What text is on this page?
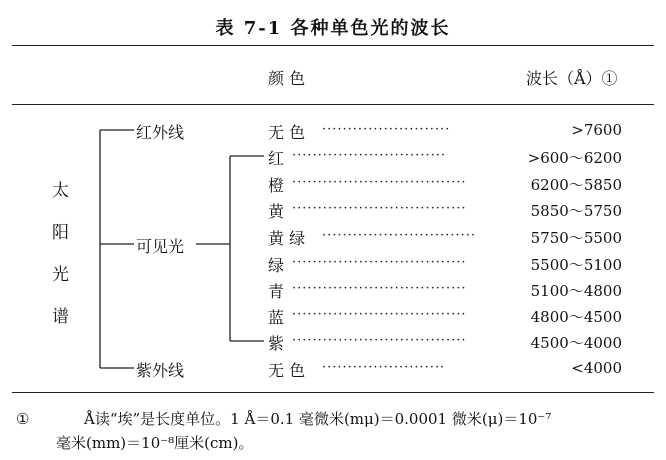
表 7-1 各种单色光的波长
颜 色	波长（Å）①
太
阳
光
谱
红外线
可见光
紫外线
无 色 ·························	>7600
红 ······························	>600～6200
橙 ··································	6200～5850
黄 ··································	5850～5750
黄 绿 ······························	5750～5500
绿 ··································	5500～5100
青 ··································	5100～4800
蓝 ··································	4800～4500
紫 ··································	4500～4000
无 色 ························	<4000
①	Å读“埃”是长度单位。1 Å＝0.1 毫微米(mμ)＝0.0001 微米(μ)＝10⁻⁷
毫米(mm)＝10⁻⁸厘米(cm)。
